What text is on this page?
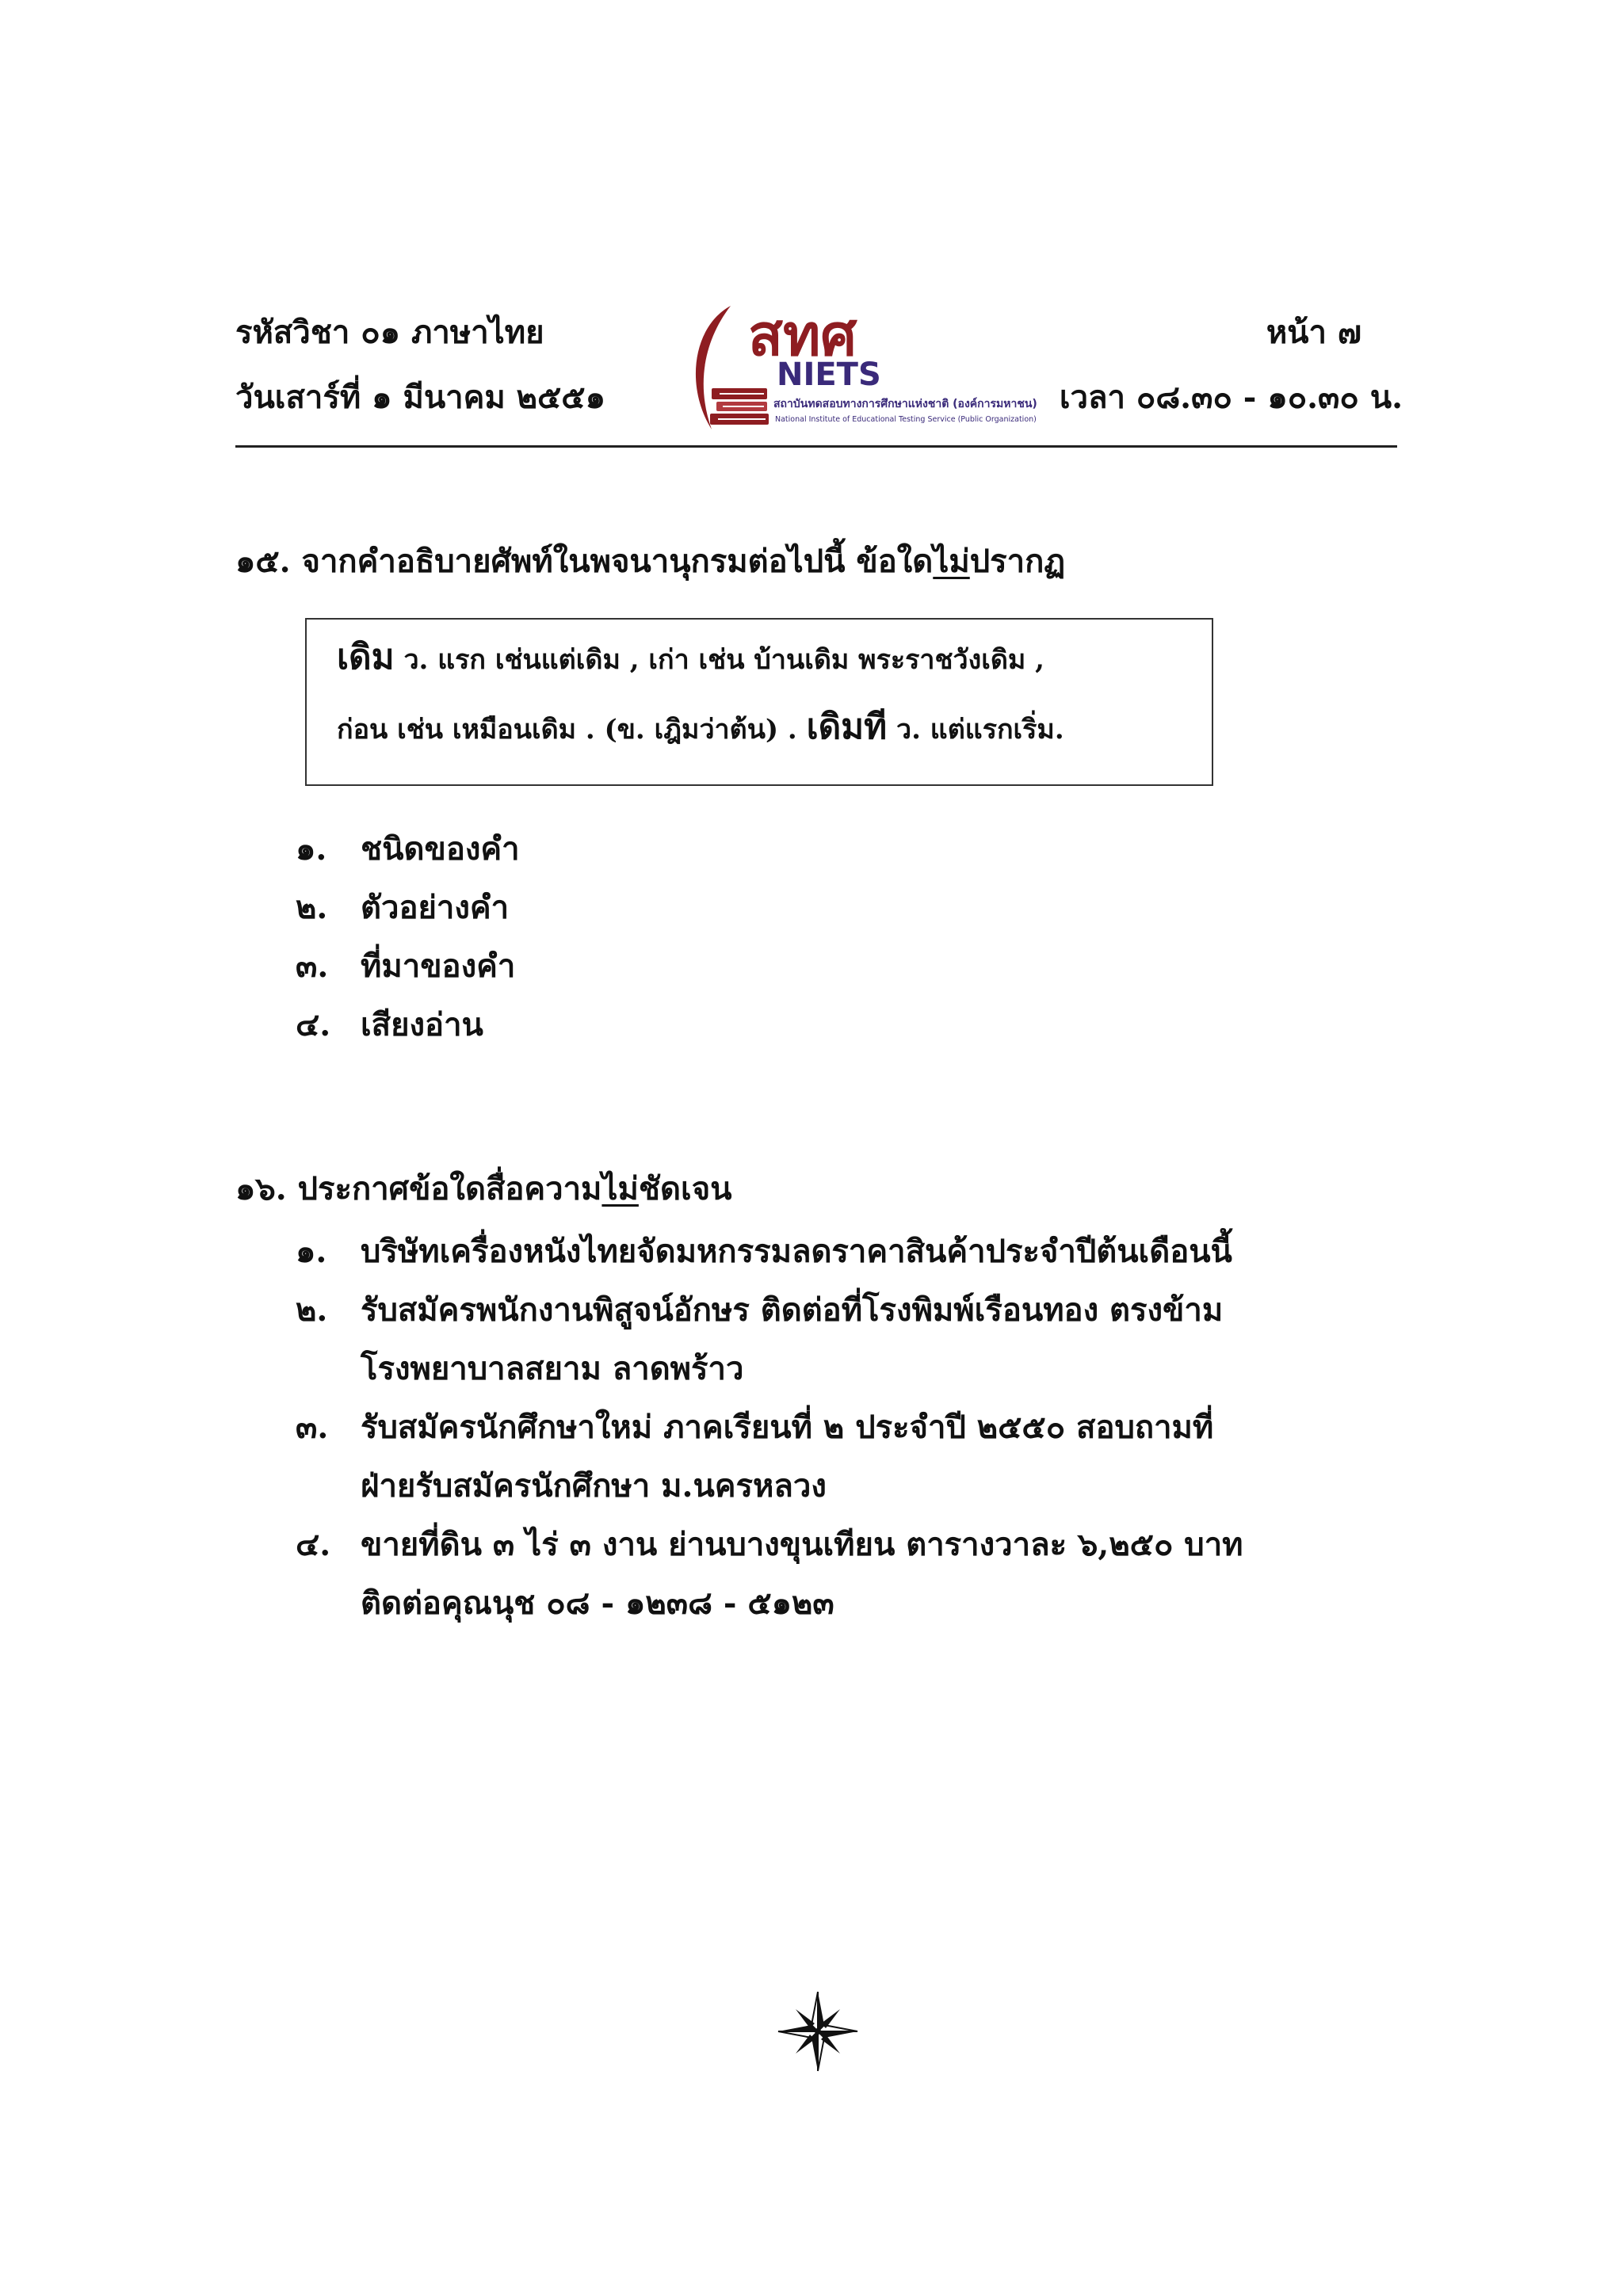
รหัสวิชา ๐๑ ภาษาไทย
วันเสาร์ที่ ๑ มีนาคม ๒๕๕๑
หน้า ๗
เวลา ๐๘.๓๐ - ๑๐.๓๐ น.
สทศ
NIETS
สถาบันทดสอบทางการศึกษาแห่งชาติ (องค์การมหาชน)
National Institute of Educational Testing Service (Public Organization)
๑๕. จากคำอธิบายศัพท์ในพจนานุกรมต่อไปนี้ ข้อใดไม่ปรากฏ
เดิม ว. แรก เช่นแต่เดิม , เก่า เช่น บ้านเดิม พระราชวังเดิม ,
ก่อน เช่น เหมือนเดิม . (ข. เฎิมว่าต้น) . เดิมที ว. แต่แรกเริ่ม.
๑. ชนิดของคำ
๒. ตัวอย่างคำ
๓. ที่มาของคำ
๔. เสียงอ่าน
๑๖. ประกาศข้อใดสื่อความไม่ชัดเจน
๑. บริษัทเครื่องหนังไทยจัดมหกรรมลดราคาสินค้าประจำปีต้นเดือนนี้
๒. รับสมัครพนักงานพิสูจน์อักษร ติดต่อที่โรงพิมพ์เรือนทอง ตรงข้าม
โรงพยาบาลสยาม ลาดพร้าว
๓. รับสมัครนักศึกษาใหม่ ภาคเรียนที่ ๒ ประจำปี ๒๕๕๐ สอบถามที่
ฝ่ายรับสมัครนักศึกษา ม.นครหลวง
๔. ขายที่ดิน ๓ ไร่ ๓ งาน ย่านบางขุนเทียน ตารางวาละ ๖,๒๕๐ บาท
ติดต่อคุณนุช ๐๘ - ๑๒๓๘ - ๕๑๒๓
